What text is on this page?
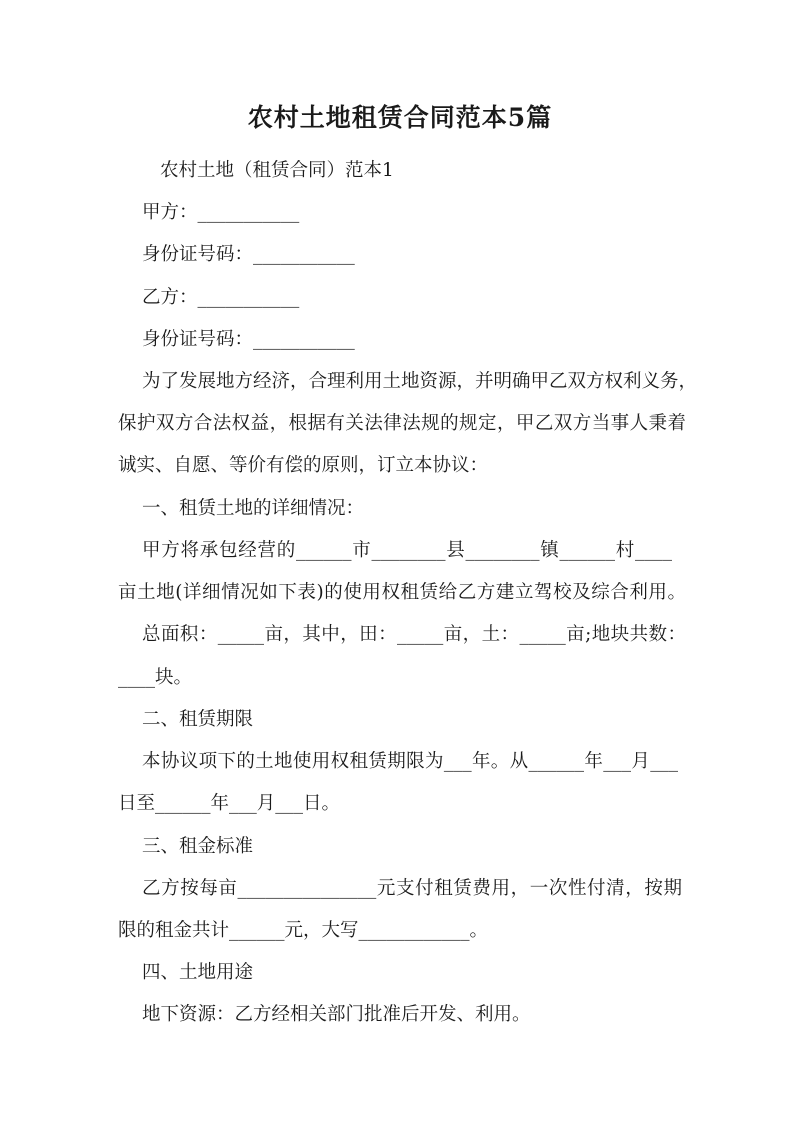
农村土地租赁合同范本5篇

农村土地（租赁合同）范本1

甲方：___________

身份证号码：___________

乙方：___________

身份证号码：___________

为了发展地方经济，合理利用土地资源，并明确甲乙双方权利义务，

保护双方合法权益，根据有关法律法规的规定，甲乙双方当事人秉着

诚实、自愿、等价有偿的原则，订立本协议：

一、租赁土地的详细情况：

甲方将承包经营的______市________县________镇______村____

亩土地(详细情况如下表)的使用权租赁给乙方建立驾校及综合利用。

总面积：_____亩，其中，田：_____亩，土：_____亩;地块共数：

____块。

二、租赁期限

本协议项下的土地使用权租赁期限为___年。从______年___月___

日至______年___月___日。

三、租金标准

乙方按每亩_______________元支付租赁费用，一次性付清，按期

限的租金共计______元，大写____________。

四、土地用途

地下资源：乙方经相关部门批准后开发、利用。
